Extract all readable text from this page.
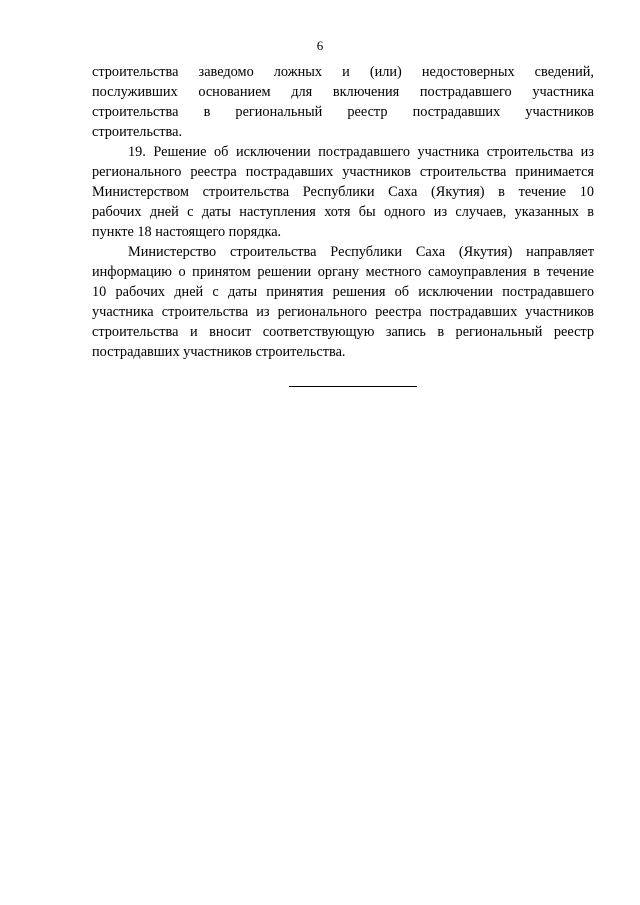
6

строительства заведомо ложных и (или) недостоверных сведений,
послуживших основанием для включения пострадавшего участника
строительства в региональный реестр пострадавших участников
строительства.

19. Решение об исключении пострадавшего участника строительства из
регионального реестра пострадавших участников строительства принимается
Министерством строительства Республики Саха (Якутия) в течение 10
рабочих дней с даты наступления хотя бы одного из случаев, указанных в
пункте 18 настоящего порядка.

Министерство строительства Республики Саха (Якутия) направляет
информацию о принятом решении органу местного самоуправления в течение
10 рабочих дней с даты принятия решения об исключении пострадавшего
участника строительства из регионального реестра пострадавших участников
строительства и вносит соответствующую запись в региональный реестр
пострадавших участников строительства.
